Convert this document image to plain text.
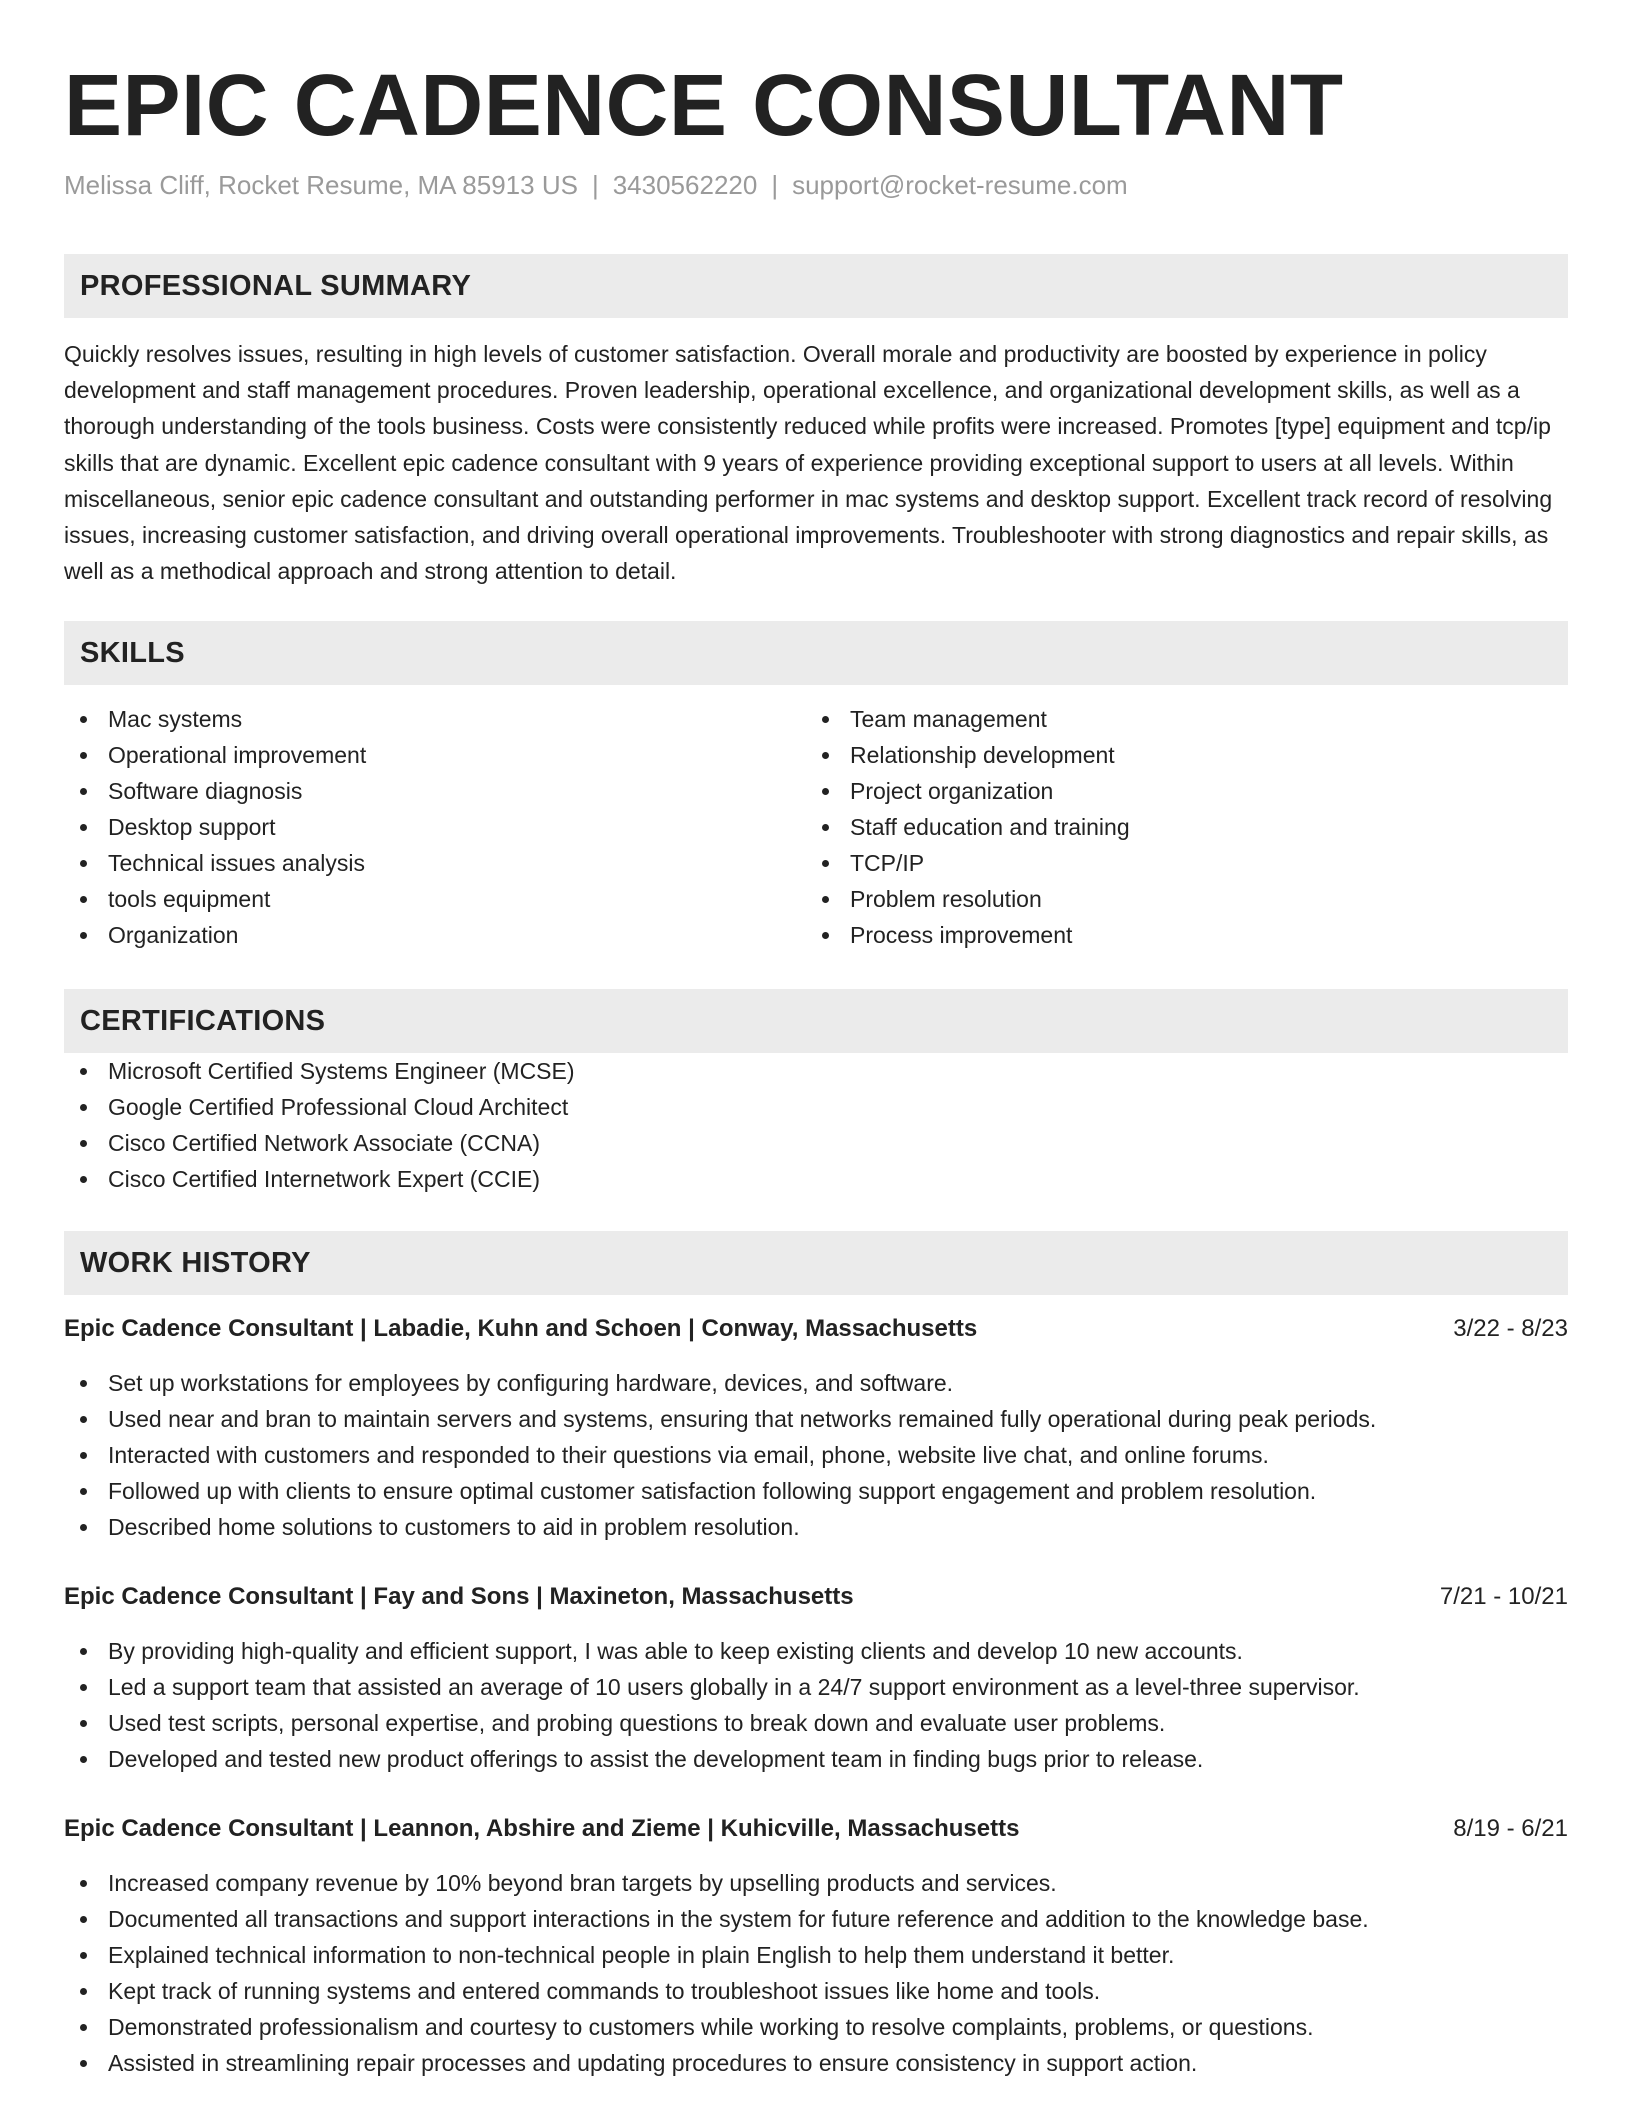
EPIC CADENCE CONSULTANT
Melissa Cliff, Rocket Resume, MA 85913 US | 3430562220 | support@rocket-resume.com
PROFESSIONAL SUMMARY

Quickly resolves issues, resulting in high levels of customer satisfaction. Overall morale and productivity are boosted by experience in policy development and staff management procedures. Proven leadership, operational excellence, and organizational development skills, as well as a thorough understanding of the tools business. Costs were consistently reduced while profits were increased. Promotes [type] equipment and tcp/ip skills that are dynamic. Excellent epic cadence consultant with 9 years of experience providing exceptional support to users at all levels. Within miscellaneous, senior epic cadence consultant and outstanding performer in mac systems and desktop support. Excellent track record of resolving issues, increasing customer satisfaction, and driving overall operational improvements. Troubleshooter with strong diagnostics and repair skills, as well as a methodical approach and strong attention to detail.

SKILLS
Mac systems
Operational improvement
Software diagnosis
Desktop support
Technical issues analysis
tools equipment
Organization
Team management
Relationship development
Project organization
Staff education and training
TCP/IP
Problem resolution
Process improvement
CERTIFICATIONS
Microsoft Certified Systems Engineer (MCSE)
Google Certified Professional Cloud Architect
Cisco Certified Network Associate (CCNA)
Cisco Certified Internetwork Expert (CCIE)
WORK HISTORY
Epic Cadence Consultant | Labadie, Kuhn and Schoen | Conway, Massachusetts	3/22 - 8/23
Set up workstations for employees by configuring hardware, devices, and software.
Used near and bran to maintain servers and systems, ensuring that networks remained fully operational during peak periods.
Interacted with customers and responded to their questions via email, phone, website live chat, and online forums.
Followed up with clients to ensure optimal customer satisfaction following support engagement and problem resolution.
Described home solutions to customers to aid in problem resolution.
Epic Cadence Consultant | Fay and Sons | Maxineton, Massachusetts	7/21 - 10/21
By providing high-quality and efficient support, I was able to keep existing clients and develop 10 new accounts.
Led a support team that assisted an average of 10 users globally in a 24/7 support environment as a level-three supervisor.
Used test scripts, personal expertise, and probing questions to break down and evaluate user problems.
Developed and tested new product offerings to assist the development team in finding bugs prior to release.
Epic Cadence Consultant | Leannon, Abshire and Zieme | Kuhicville, Massachusetts	8/19 - 6/21
Increased company revenue by 10% beyond bran targets by upselling products and services.
Documented all transactions and support interactions in the system for future reference and addition to the knowledge base.
Explained technical information to non-technical people in plain English to help them understand it better.
Kept track of running systems and entered commands to troubleshoot issues like home and tools.
Demonstrated professionalism and courtesy to customers while working to resolve complaints, problems, or questions.
Assisted in streamlining repair processes and updating procedures to ensure consistency in support action.
